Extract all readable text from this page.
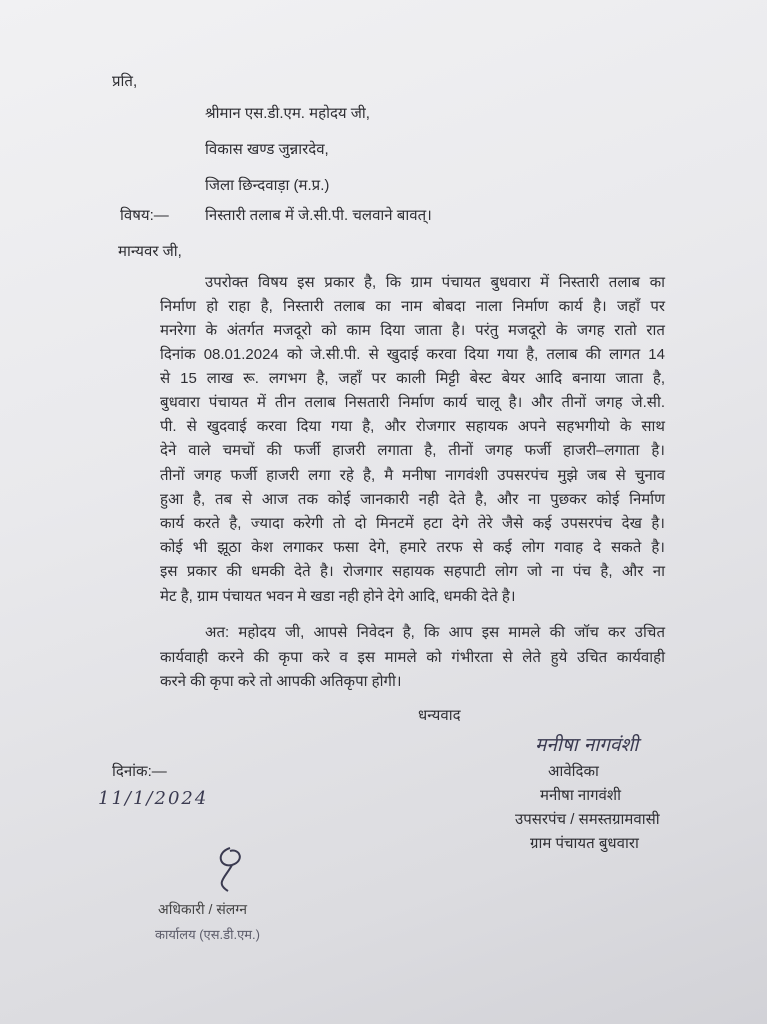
प्रति,
श्रीमान एस.डी.एम. महोदय जी,
विकास खण्ड जुन्नारदेव,
जिला छिन्दवाड़ा (म.प्र.)
विषय:— निस्तारी तलाब में जे.सी.पी. चलवाने बावत्।
मान्यवर जी,
उपरोक्त विषय इस प्रकार है, कि ग्राम पंचायत बुधवारा में निस्तारी तलाब का
निर्माण हो राहा है, निस्तारी तलाब का नाम बोबदा नाला निर्माण कार्य है। जहाँ पर
मनरेगा के अंतर्गत मजदूरो को काम दिया जाता है। परंतु मजदूरो के जगह रातो रात
दिनांक 08.01.2024 को जे.सी.पी. से खुदाई करवा दिया गया है, तलाब की लागत 14
से 15 लाख रू. लगभग है, जहाँ पर काली मिट्टी बेस्ट बेयर आदि बनाया जाता है,
बुधवारा पंचायत में तीन तलाब निसतारी निर्माण कार्य चालू है। और तीनों जगह जे.सी.
पी. से खुदवाई करवा दिया गया है, और रोजगार सहायक अपने सहभगीयो के साथ
देने वाले चमचों की फर्जी हाजरी लगाता है, तीनों जगह फर्जी हाजरी–लगाता है।
तीनों जगह फर्जी हाजरी लगा रहे है, मै मनीषा नागवंशी उपसरपंच मुझे जब से चुनाव
हुआ है, तब से आज तक कोई जानकारी नही देते है, और ना पुछकर कोई निर्माण
कार्य करते है, ज्यादा करेगी तो दो मिनटमें हटा देगे तेरे जैसे कई उपसरपंच देख है।
कोई भी झूठा केश लगाकर फसा देगे, हमारे तरफ से कई लोग गवाह दे सकते है।
इस प्रकार की धमकी देते है। रोजगार सहायक सहपाटी लोग जो ना पंच है, और ना
मेट है, ग्राम पंचायत भवन मे खडा नही होने देगे आदि, धमकी देते है।
अत: महोदय जी, आपसे निवेदन है, कि आप इस मामले की जॉच कर उचित
कार्यवाही करने की कृपा करे व इस मामले को गंभीरता से लेते हुये उचित कार्यवाही
करने की कृपा करे तो आपकी अतिकृपा होगी।
धन्यवाद
मनीषा नागवंशी
आवेदिका
मनीषा नागवंशी
उपसरपंच / समस्तग्रामवासी
ग्राम पंचायत बुधवारा
दिनांक:—
11/1/2024
अधिकारी / संलग्न
कार्यालय (एस.डी.एम.)
